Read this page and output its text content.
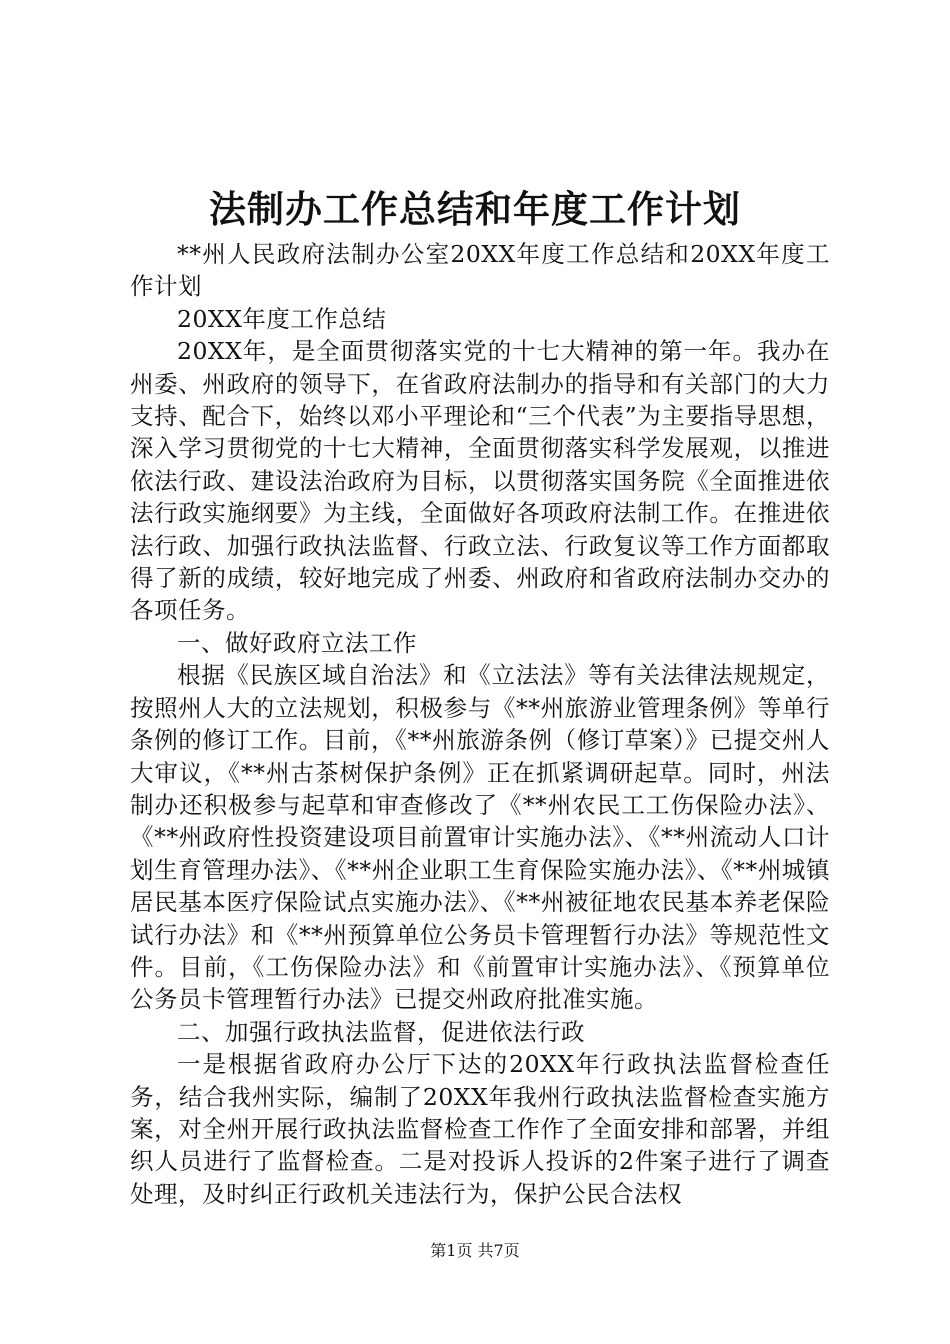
法制办工作总结和年度工作计划

**州人民政府法制办公室20XX年度工作总结和20XX年度工作计划

20XX年度工作总结

20XX年，是全面贯彻落实党的十七大精神的第一年。我办在州委、州政府的领导下，在省政府法制办的指导和有关部门的大力支持、配合下，始终以邓小平理论和“三个代表”为主要指导思想，深入学习贯彻党的十七大精神，全面贯彻落实科学发展观，以推进依法行政、建设法治政府为目标，以贯彻落实国务院《全面推进依法行政实施纲要》为主线，全面做好各项政府法制工作。在推进依法行政、加强行政执法监督、行政立法、行政复议等工作方面都取得了新的成绩，较好地完成了州委、州政府和省政府法制办交办的各项任务。

一、做好政府立法工作

根据《民族区域自治法》和《立法法》等有关法律法规规定，按照州人大的立法规划，积极参与《**州旅游业管理条例》等单行条例的修订工作。目前，《**州旅游条例（修订草案）》已提交州人大审议，《**州古茶树保护条例》正在抓紧调研起草。同时，州法制办还积极参与起草和审查修改了《**州农民工工伤保险办法》、《**州政府性投资建设项目前置审计实施办法》、《**州流动人口计划生育管理办法》、《**州企业职工生育保险实施办法》、《**州城镇居民基本医疗保险试点实施办法》、《**州被征地农民基本养老保险试行办法》和《**州预算单位公务员卡管理暂行办法》等规范性文件。目前，《工伤保险办法》和《前置审计实施办法》、《预算单位公务员卡管理暂行办法》已提交州政府批准实施。

二、加强行政执法监督，促进依法行政

一是根据省政府办公厅下达的20XX年行政执法监督检查任务，结合我州实际，编制了20XX年我州行政执法监督检查实施方案，对全州开展行政执法监督检查工作作了全面安排和部署，并组织人员进行了监督检查。二是对投诉人投诉的2件案子进行了调查处理，及时纠正行政机关违法行为，保护公民合法权

第1页 共7页
